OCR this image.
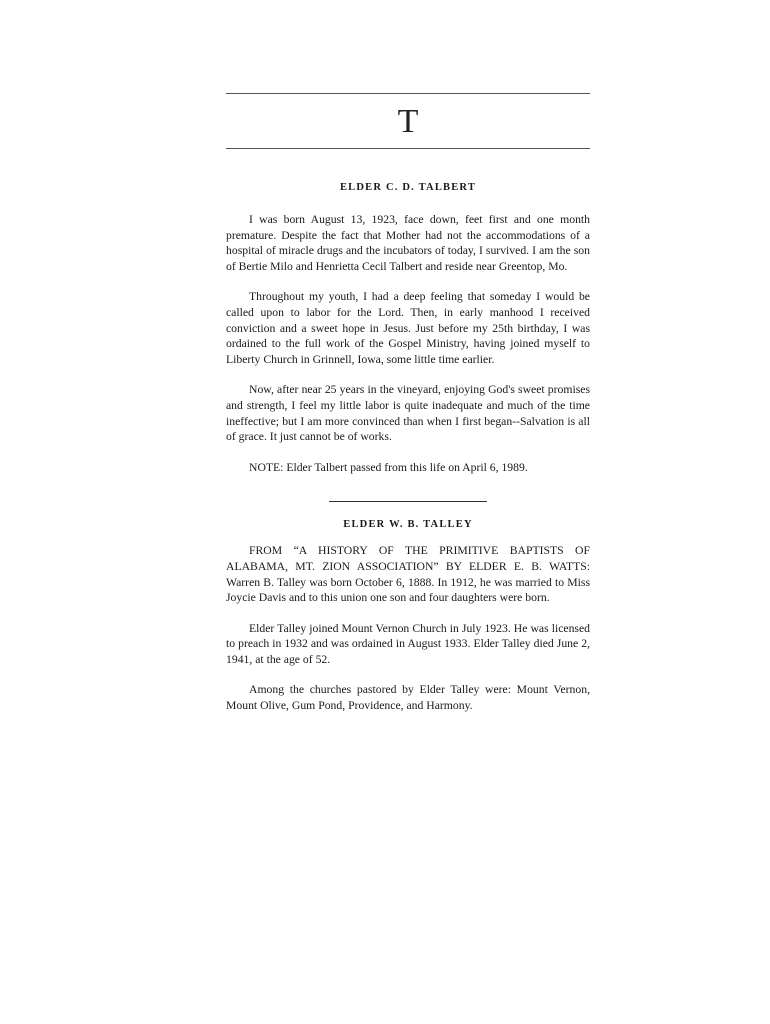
T
ELDER C. D. TALBERT

I was born August 13, 1923, face down, feet first and one month premature. Despite the fact that Mother had not the accommodations of a hospital of miracle drugs and the incubators of today, I survived. I am the son of Bertie Milo and Henrietta Cecil Talbert and reside near Greentop, Mo.

Throughout my youth, I had a deep feeling that someday I would be called upon to labor for the Lord. Then, in early manhood I received conviction and a sweet hope in Jesus. Just before my 25th birthday, I was ordained to the full work of the Gospel Ministry, having joined myself to Liberty Church in Grinnell, Iowa, some little time earlier.

Now, after near 25 years in the vineyard, enjoying God's sweet promises and strength, I feel my little labor is quite inadequate and much of the time ineffective; but I am more convinced than when I first began--Salvation is all of grace. It just cannot be of works.

NOTE: Elder Talbert passed from this life on April 6, 1989.

ELDER W. B. TALLEY

FROM “A HISTORY OF THE PRIMITIVE BAPTISTS OF ALABAMA, MT. ZION ASSOCIATION” BY ELDER E. B. WATTS: Warren B. Talley was born October 6, 1888. In 1912, he was married to Miss Joycie Davis and to this union one son and four daughters were born.

Elder Talley joined Mount Vernon Church in July 1923. He was licensed to preach in 1932 and was ordained in August 1933. Elder Talley died June 2, 1941, at the age of 52.

Among the churches pastored by Elder Talley were: Mount Vernon, Mount Olive, Gum Pond, Providence, and Harmony.
